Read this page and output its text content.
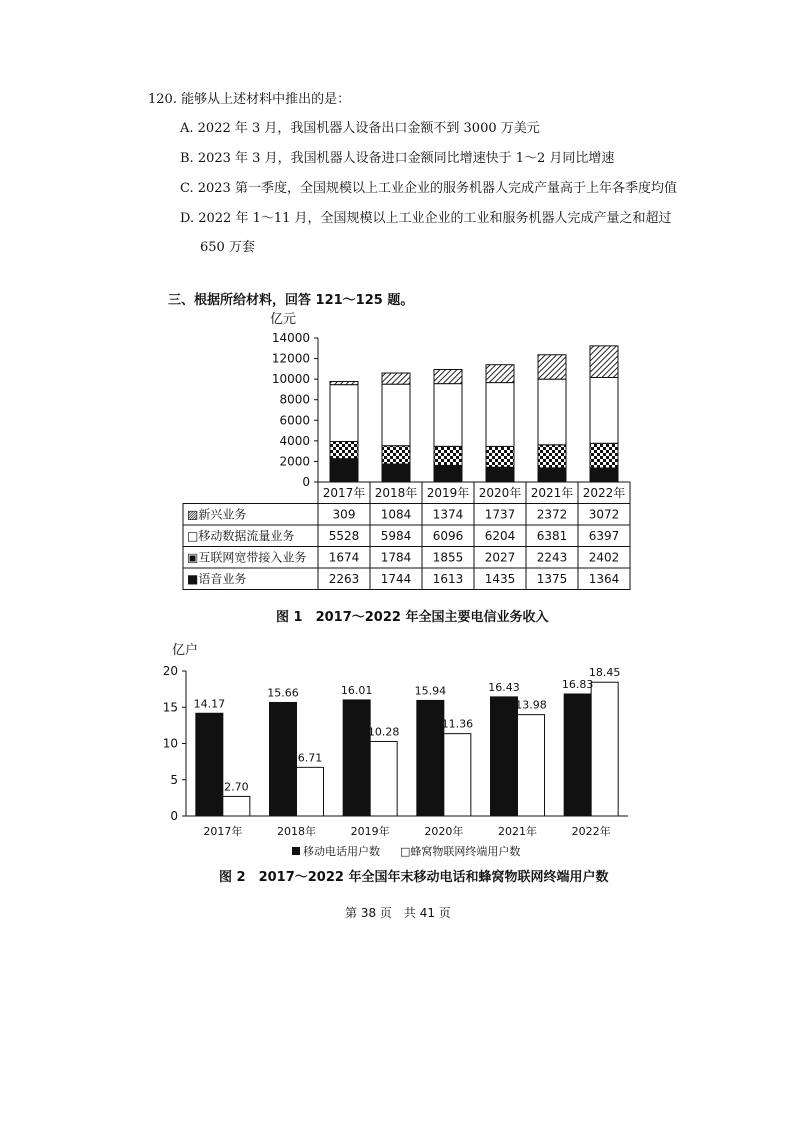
120. 能够从上述材料中推出的是：
A. 2022 年 3 月，我国机器人设备出口金额不到 3000 万美元
B. 2023 年 3 月，我国机器人设备进口金额同比增速快于 1～2 月同比增速
C. 2023 第一季度，全国规模以上工业企业的服务机器人完成产量高于上年各季度均值
D. 2022 年 1～11 月，全国规模以上工业企业的工业和服务机器人完成产量之和超过
650 万套
三、根据所给材料，回答 121～125 题。
亿元
14000
12000
10000
8000
6000
4000
2000
0
2017年 2018年 2019年 2020年 2021年 2022年
▨新兴业务	309 1084 1374 1737 2372 3072
□移动数据流量业务	5528 5984 6096 6204 6381 6397
▣互联网宽带接入业务 1674 1784 1855 2027 2243 2402
■语音业务	2263 1744 1613 1435 1375 1364
图 1　2017～2022 年全国主要电信业务收入
亿户
20
15
10
5
0
14.17
2.70
2017年
15.66
6.71
2018年
16.01
10.28
2019年
15.94
11.36
2020年
16.43
13.98
2021年
16.83
18.45
2022年
移动电话用户数 □蜂窝物联网终端用户数
图 2　2017～2022 年全国年末移动电话和蜂窝物联网终端用户数
第 38 页　共 41 页
